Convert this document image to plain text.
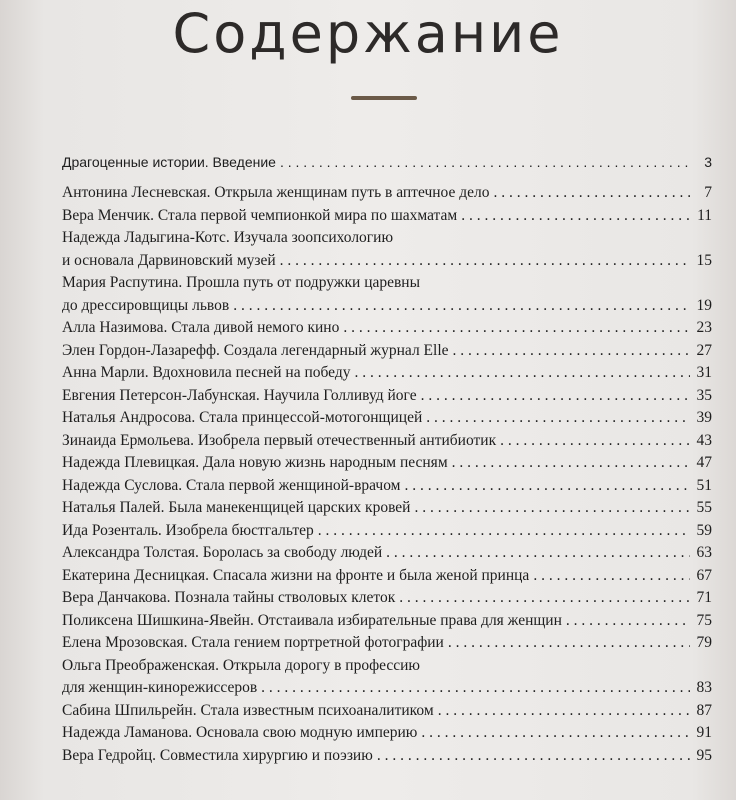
Содержание
Драгоценные истории. Введение . . .	3
Антонина Лесневская. Открыла женщинам путь в аптечное дело . . .	7
Вера Менчик. Стала первой чемпионкой мира по шахматам . . .	11
Надежда Ладыгина-Котс. Изучала зоопсихологию
и основала Дарвиновский музей . . .	15
Мария Распутина. Прошла путь от подружки царевны
до дрессировщицы львов . . .	19
Алла Назимова. Стала дивой немого кино . . .	23
Элен Гордон-Лазарефф. Создала легендарный журнал Elle . . .	27
Анна Марли. Вдохновила песней на победу . . .	31
Евгения Петерсон-Лабунская. Научила Голливуд йоге . . .	35
Наталья Андросова. Стала принцессой-мотогонщицей . . .	39
Зинаида Ермольева. Изобрела первый отечественный антибиотик . . .	43
Надежда Плевицкая. Дала новую жизнь народным песням . . .	47
Надежда Суслова. Стала первой женщиной-врачом . . .	51
Наталья Палей. Была манекенщицей царских кровей . . .	55
Ида Розенталь. Изобрела бюстгальтер . . .	59
Александра Толстая. Боролась за свободу людей . . .	63
Екатерина Десницкая. Спасала жизни на фронте и была женой принца . . .	67
Вера Данчакова. Познала тайны стволовых клеток . . .	71
Поликсена Шишкина-Явейн. Отстаивала избирательные права для женщин . . .	75
Елена Мрозовская. Стала гением портретной фотографии . . .	79
Ольга Преображенская. Открыла дорогу в профессию
для женщин-кинорежиссеров . . .	83
Сабина Шпильрейн. Стала известным психоаналитиком . . .	87
Надежда Ламанова. Основала свою модную империю . . .	91
Вера Гедройц. Совместила хирургию и поэзию . . .	95
